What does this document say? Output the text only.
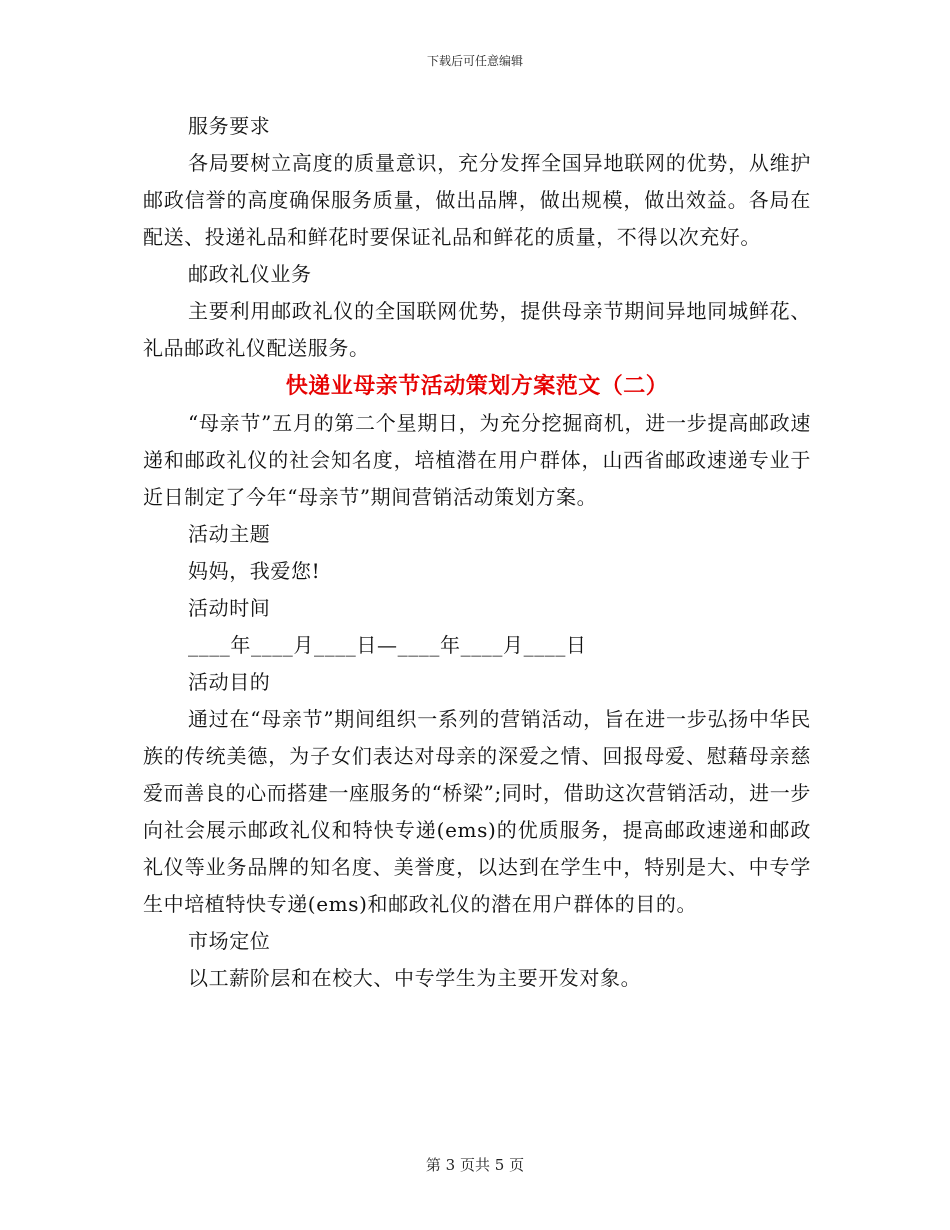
下载后可任意编辑

服务要求

各局要树立高度的质量意识，充分发挥全国异地联网的优势，从维护邮政信誉的高度确保服务质量，做出品牌，做出规模，做出效益。各局在配送、投递礼品和鲜花时要保证礼品和鲜花的质量，不得以次充好。

邮政礼仪业务

主要利用邮政礼仪的全国联网优势，提供母亲节期间异地同城鲜花、礼品邮政礼仪配送服务。

快递业母亲节活动策划方案范文（二）

“母亲节”五月的第二个星期日，为充分挖掘商机，进一步提高邮政速递和邮政礼仪的社会知名度，培植潜在用户群体，山西省邮政速递专业于近日制定了今年“母亲节”期间营销活动策划方案。

活动主题

妈妈，我爱您!

活动时间

____年____月____日—____年____月____日

活动目的

通过在“母亲节”期间组织一系列的营销活动，旨在进一步弘扬中华民族的传统美德，为子女们表达对母亲的深爱之情、回报母爱、慰藉母亲慈爱而善良的心而搭建一座服务的“桥梁”;同时，借助这次营销活动，进一步向社会展示邮政礼仪和特快专递(ems)的优质服务，提高邮政速递和邮政礼仪等业务品牌的知名度、美誉度，以达到在学生中，特别是大、中专学生中培植特快专递(ems)和邮政礼仪的潜在用户群体的目的。

市场定位

以工薪阶层和在校大、中专学生为主要开发对象。

第 3 页共 5 页
